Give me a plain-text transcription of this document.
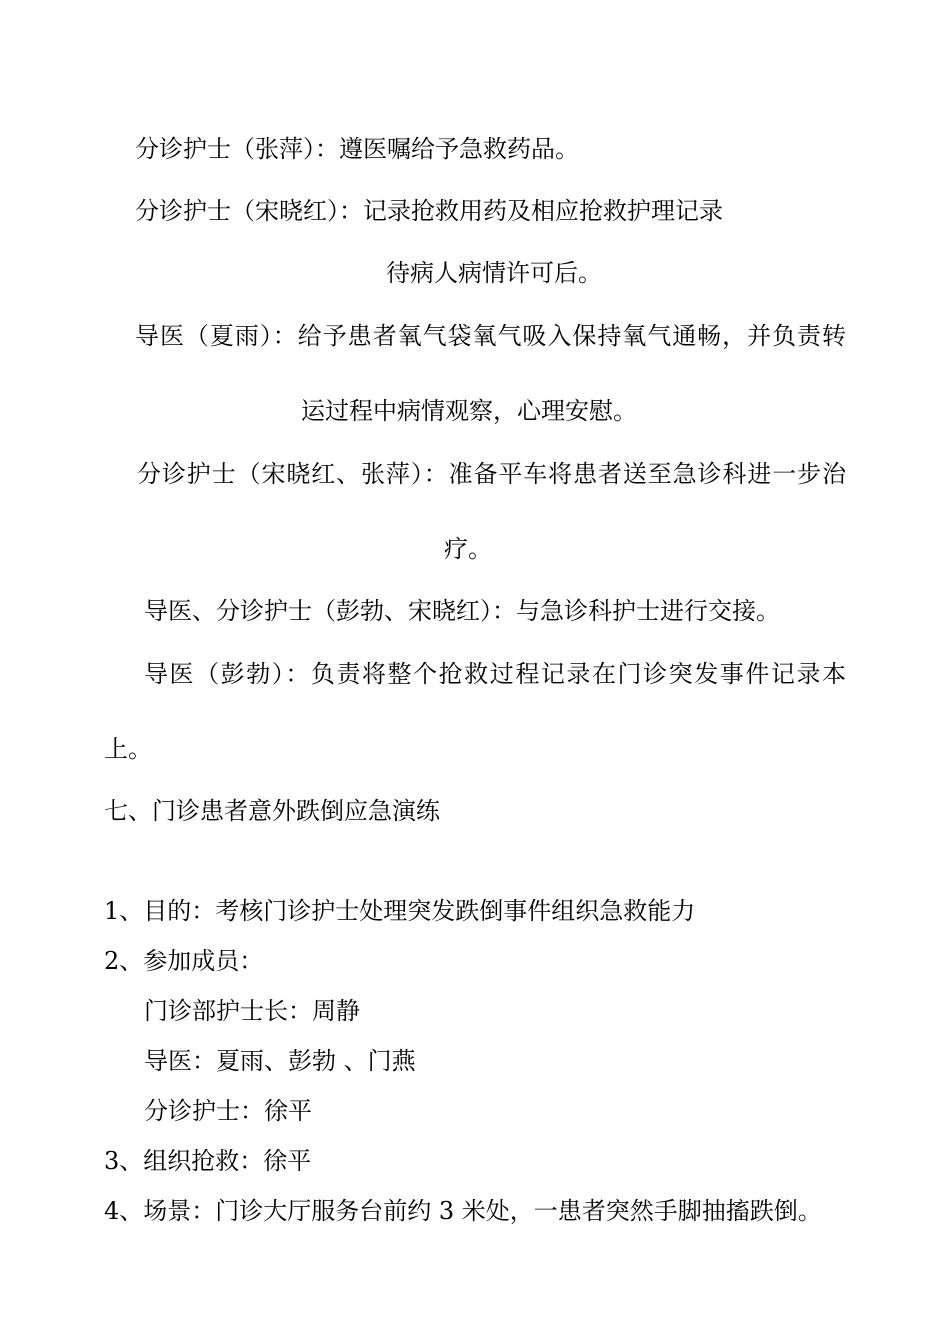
分诊护士（张萍）：遵医嘱给予急救药品。
分诊护士（宋晓红）：记录抢救用药及相应抢救护理记录
待病人病情许可后。
导医（夏雨）：给予患者氧气袋氧气吸入保持氧气通畅，并负责转
运过程中病情观察，心理安慰。
分诊护士（宋晓红、张萍）：准备平车将患者送至急诊科进一步治
疗。
导医、分诊护士（彭勃、宋晓红）：与急诊科护士进行交接。
导医（彭勃）：负责将整个抢救过程记录在门诊突发事件记录本
上。
七、门诊患者意外跌倒应急演练
1、目的：考核门诊护士处理突发跌倒事件组织急救能力
2、参加成员：
门诊部护士长：周静
导医：夏雨、彭勃 、门燕
分诊护士：徐平
3、组织抢救：徐平
4、场景：门诊大厅服务台前约 3 米处，一患者突然手脚抽搐跌倒。
